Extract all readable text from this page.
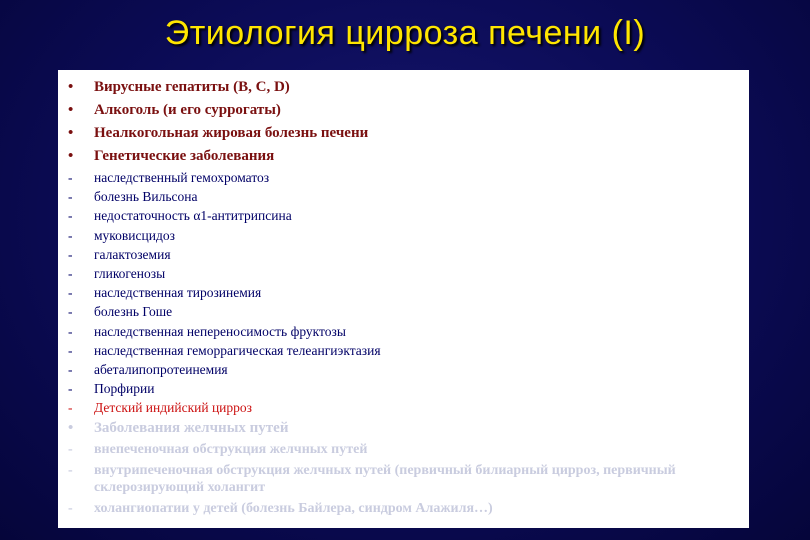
Этиология цирроза печени (I)
•	Вирусные гепатиты (В, С, D)
•	Алкоголь (и его суррогаты)
•	Неалкогольная жировая болезнь печени
•	Генетические заболевания
-	наследственный гемохроматоз
-	болезнь Вильсона
-	недостаточность α1-антитрипсина
-	муковисцидоз
-	галактоземия
-	гликогенозы
-	наследственная тирозинемия
-	болезнь Гоше
-	наследственная непереносимость фруктозы
-	наследственная геморрагическая телеангиэктазия
-	абеталипопротеинемия
-	Порфирии
-	Детский индийский цирроз
•	Заболевания желчных путей
-	внепеченочная обструкция желчных путей
-	внутрипеченочная обструкция желчных путей (первичный билиарный цирроз, первичный склерозирующий холангит
-	холангиопатии у детей (болезнь Байлера, синдром Алажиля…)
